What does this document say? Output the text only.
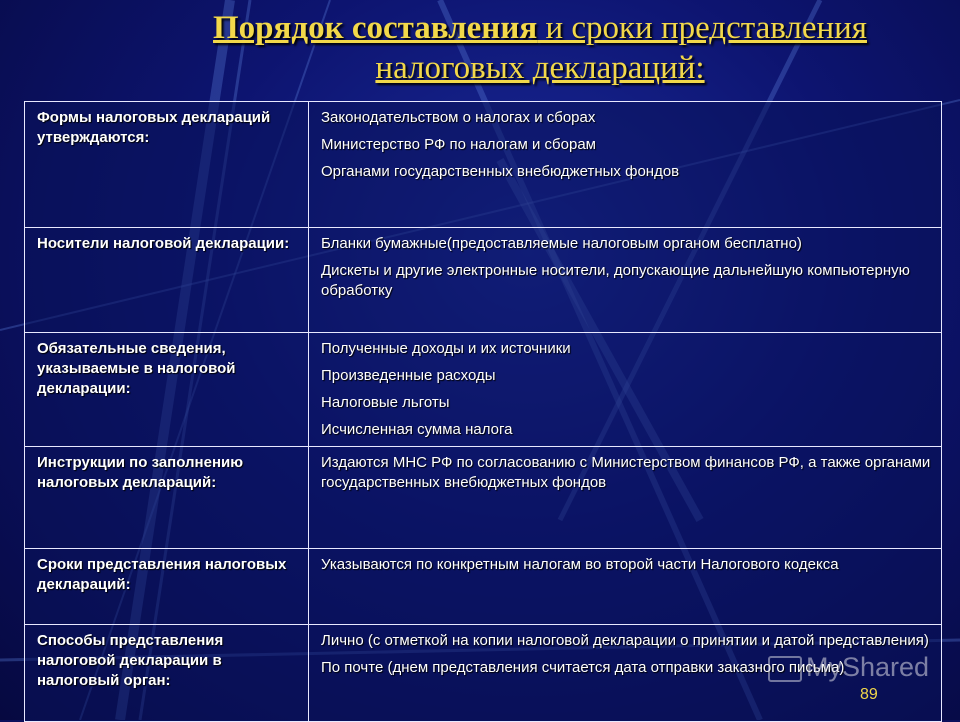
Порядок составления и сроки представления
налоговых деклараций:
Формы налоговых деклараций утверждаются:	Законодательством о налогах и сборах

Министерство РФ по налогам и сборам

Органами государственных внебюджетных фондов

Носители налоговой декларации:	Бланки бумажные(предоставляемые налоговым органом бесплатно)

Дискеты и другие электронные носители, допускающие дальнейшую компьютерную обработку

Обязательные сведения, указываемые в налоговой декларации:	Полученные доходы и их источники

Произведенные расходы

Налоговые льготы

Исчисленная сумма налога

Инструкции по заполнению налоговых деклараций:	Издаются МНС РФ по согласованию с Министерством финансов РФ, а также органами государственных внебюджетных фондов

Сроки представления налоговых деклараций:	Указываются по конкретным налогам во второй части Налогового кодекса

Способы представления налоговой декларации в налоговый орган:	Лично (с отметкой на копии налоговой декларации о принятии и датой представления)

По почте (днем представления считается дата отправки заказного письма)

MyShared
89
